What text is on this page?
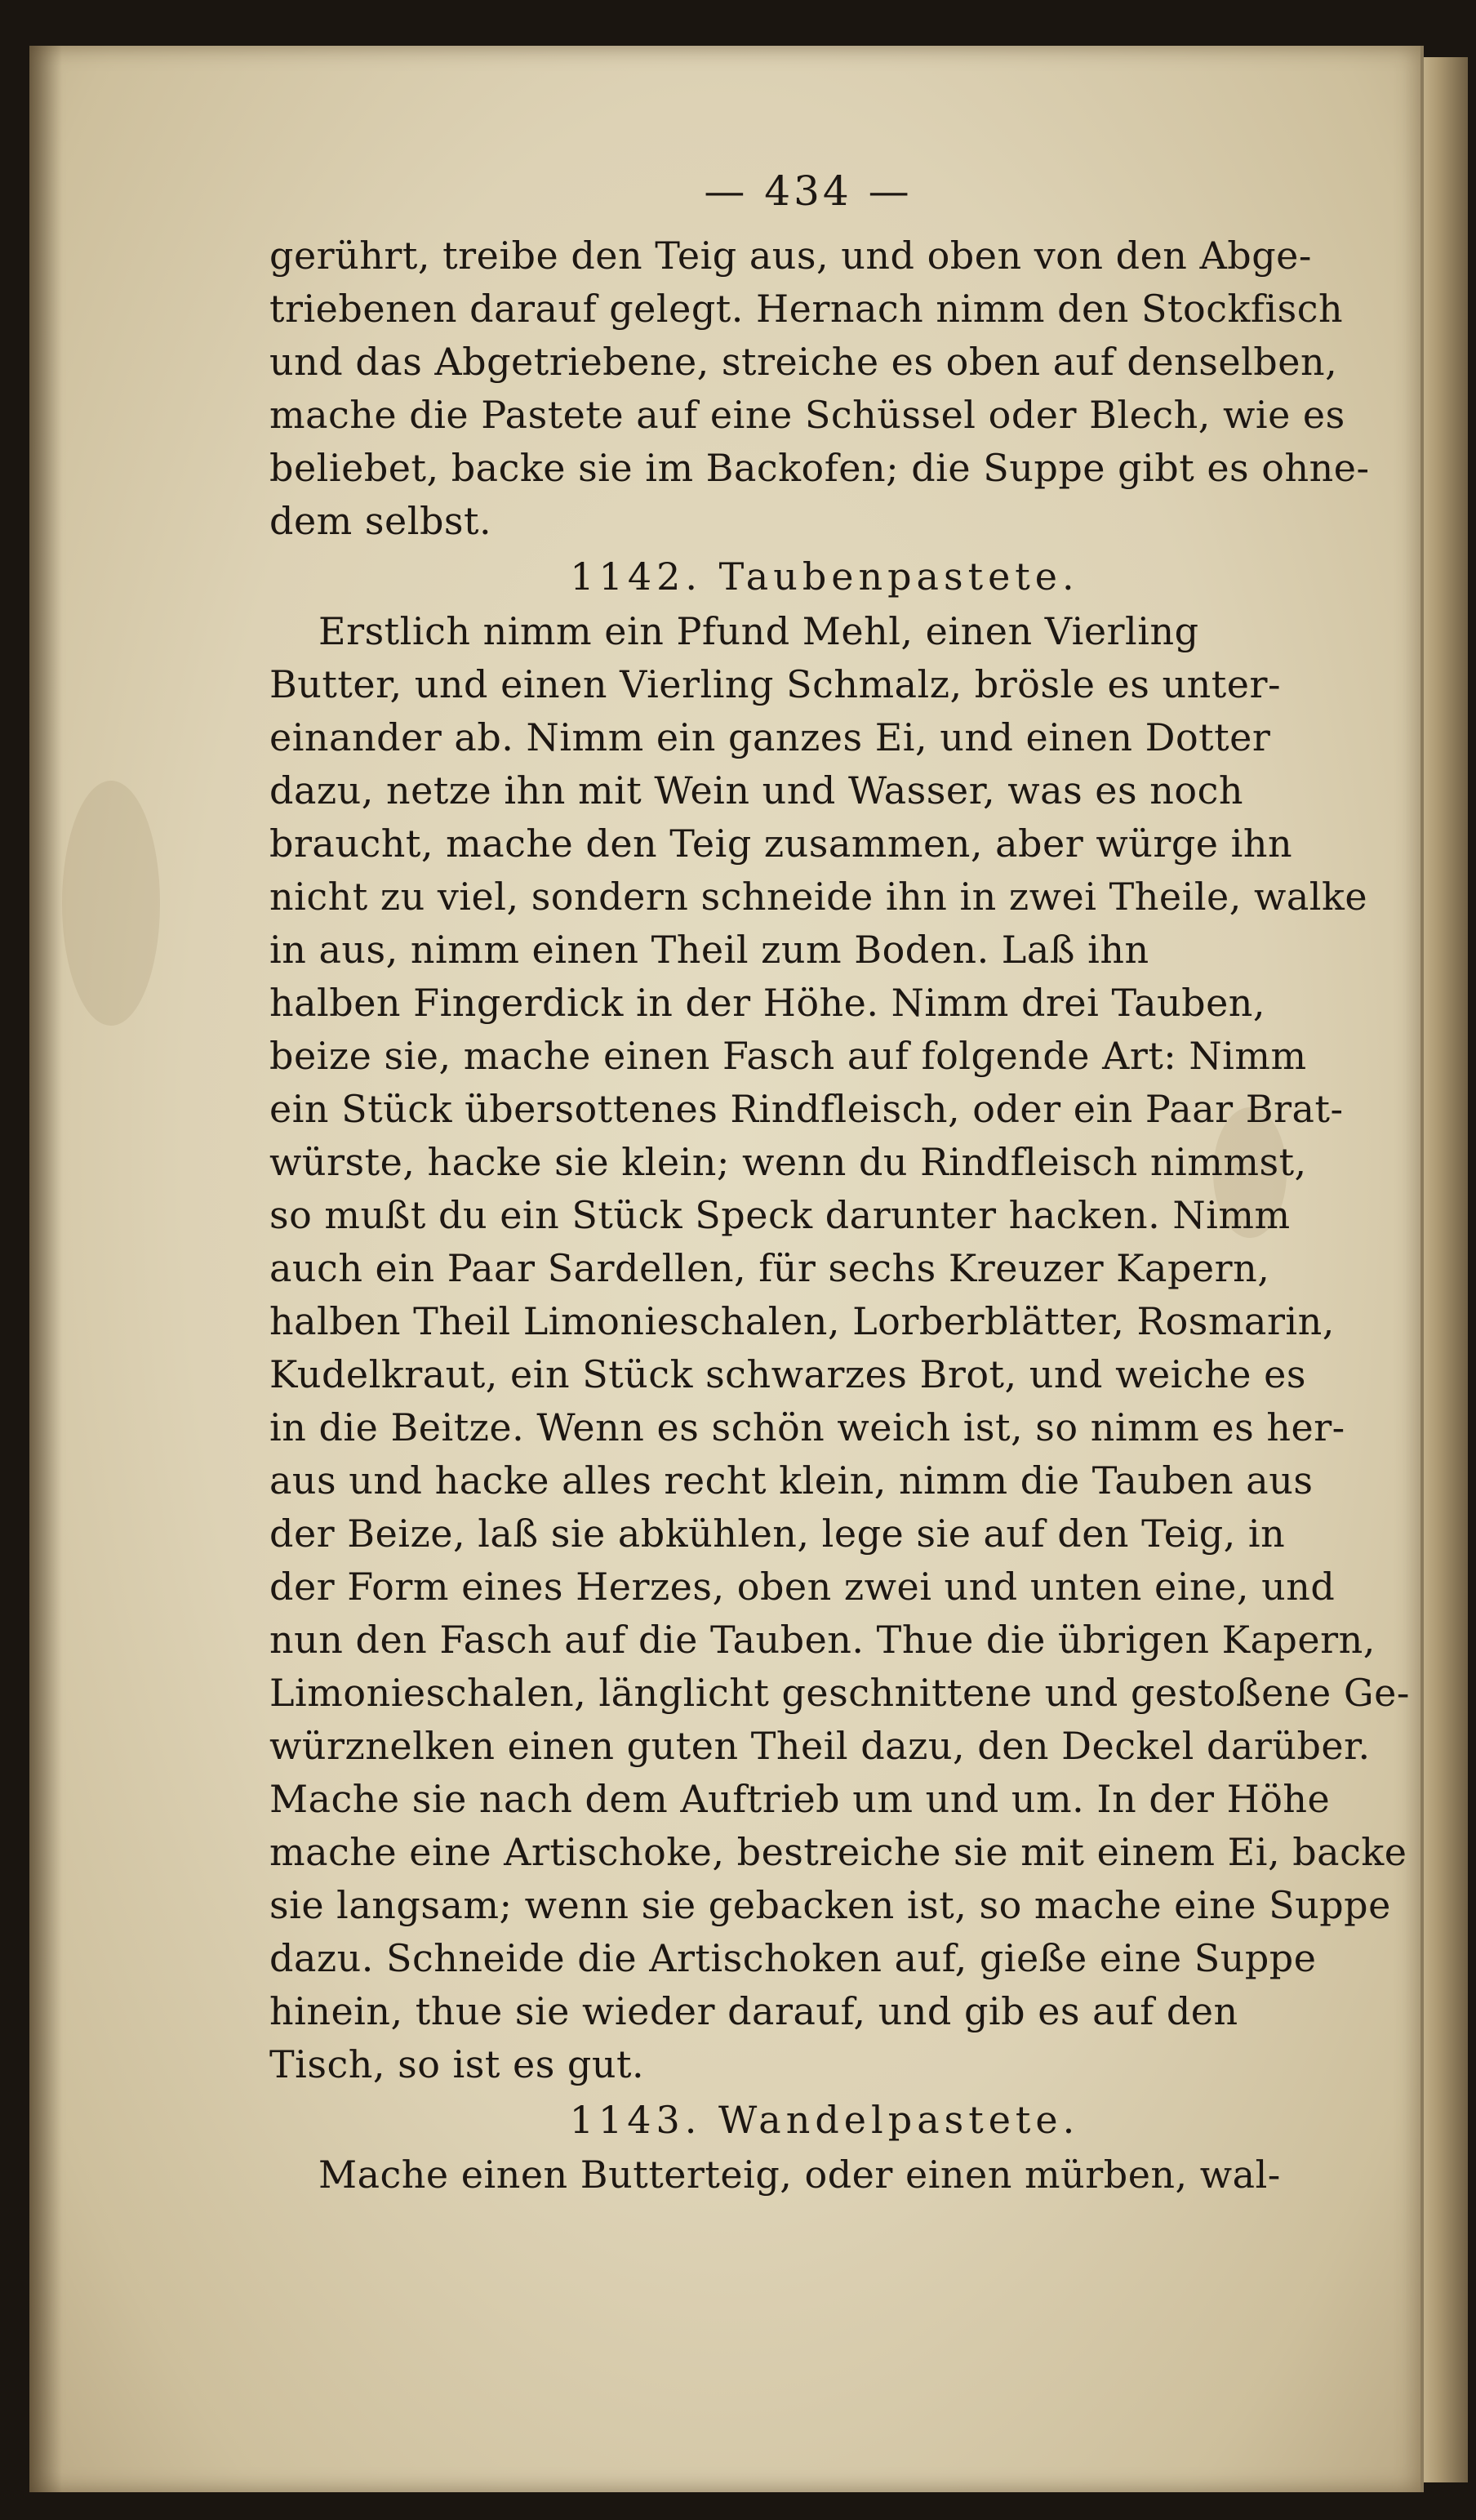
— 434 —
gerührt, treibe den Teig aus, und oben von den Abge-
triebenen darauf gelegt. Hernach nimm den Stockfisch
und das Abgetriebene, streiche es oben auf denselben,
mache die Pastete auf eine Schüssel oder Blech, wie es
beliebet, backe sie im Backofen; die Suppe gibt es ohne-
dem selbst.
1142. Taubenpastete.
Erstlich nimm ein Pfund Mehl, einen Vierling
Butter, und einen Vierling Schmalz, brösle es unter-
einander ab. Nimm ein ganzes Ei, und einen Dotter
dazu, netze ihn mit Wein und Wasser, was es noch
braucht, mache den Teig zusammen, aber würge ihn
nicht zu viel, sondern schneide ihn in zwei Theile, walke
in aus, nimm einen Theil zum Boden. Laß ihn
halben Fingerdick in der Höhe. Nimm drei Tauben,
beize sie, mache einen Fasch auf folgende Art: Nimm
ein Stück übersottenes Rindfleisch, oder ein Paar Brat-
würste, hacke sie klein; wenn du Rindfleisch nimmst,
so mußt du ein Stück Speck darunter hacken. Nimm
auch ein Paar Sardellen, für sechs Kreuzer Kapern,
halben Theil Limonieschalen, Lorberblätter, Rosmarin,
Kudelkraut, ein Stück schwarzes Brot, und weiche es
in die Beitze. Wenn es schön weich ist, so nimm es her-
aus und hacke alles recht klein, nimm die Tauben aus
der Beize, laß sie abkühlen, lege sie auf den Teig, in
der Form eines Herzes, oben zwei und unten eine, und
nun den Fasch auf die Tauben. Thue die übrigen Kapern,
Limonieschalen, länglicht geschnittene und gestoßene Ge-
würznelken einen guten Theil dazu, den Deckel darüber.
Mache sie nach dem Auftrieb um und um. In der Höhe
mache eine Artischoke, bestreiche sie mit einem Ei, backe
sie langsam; wenn sie gebacken ist, so mache eine Suppe
dazu. Schneide die Artischoken auf, gieße eine Suppe
hinein, thue sie wieder darauf, und gib es auf den
Tisch, so ist es gut.
1143. Wandelpastete.
Mache einen Butterteig, oder einen mürben, wal-
